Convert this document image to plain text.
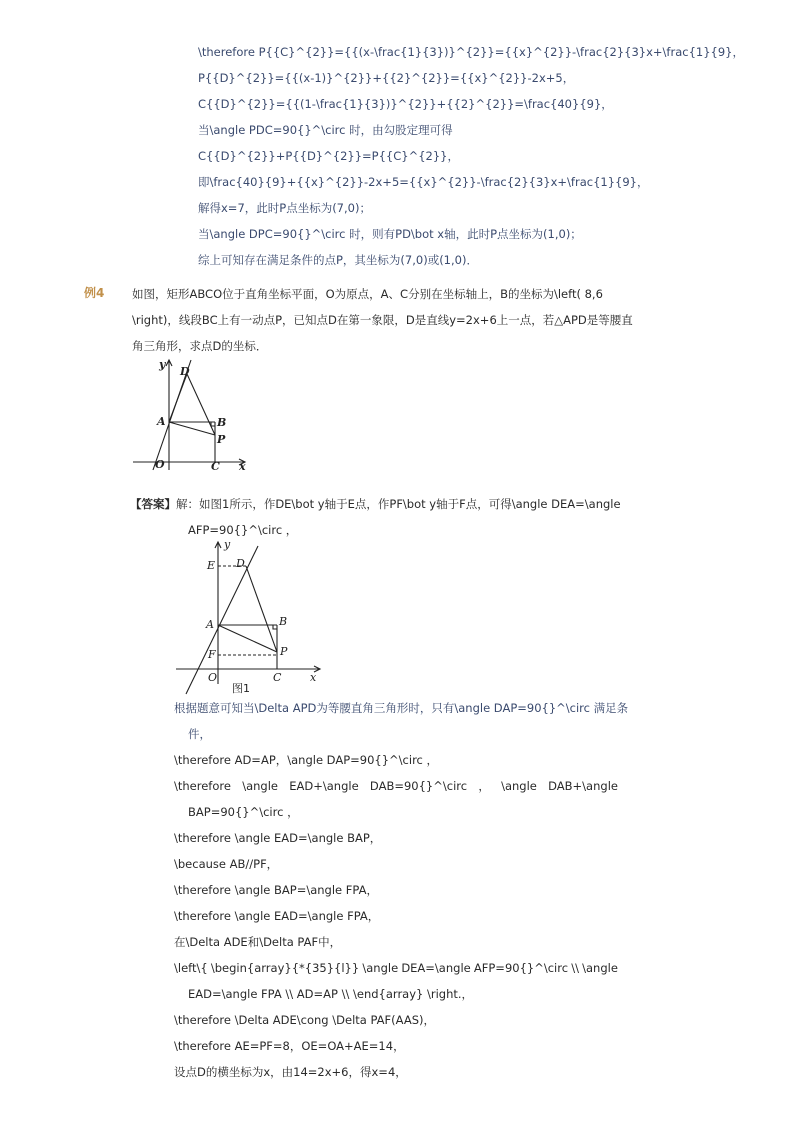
\therefore P{{C}^{2}}={{(x-\frac{1}{3})}^{2}}={{x}^{2}}-\frac{2}{3}x+\frac{1}{9}，
P{{D}^{2}}={{(x-1)}^{2}}+{{2}^{2}}={{x}^{2}}-2x+5，
C{{D}^{2}}={{(1-\frac{1}{3})}^{2}}+{{2}^{2}}=\frac{40}{9}，
当\angle PDC=90{}^\circ 时，由勾股定理可得
C{{D}^{2}}+P{{D}^{2}}=P{{C}^{2}}，
即\frac{40}{9}+{{x}^{2}}-2x+5={{x}^{2}}-\frac{2}{3}x+\frac{1}{9}，
解得x=7，此时P点坐标为(7,0)；
当\angle DPC=90{}^\circ 时，则有PD\bot x轴，此时P点坐标为(1,0)；
综上可知存在满足条件的点P，其坐标为(7,0)或(1,0)．
例4 如图，矩形ABCO位于直角坐标平面，O为原点，A、C分别在坐标轴上，B的坐标为\left( 8,6
\right)，线段BC上有一动点P，已知点D在第一象限，D是直线y=2x+6上一点，若△APD是等腰直
角三角形，求点D的坐标．
y
D
A	B
P
O	C x
【答案】解：如图1所示，作DE\bot y轴于E点，作PF\bot y轴于F点，可得\angle DEA=\angle
AFP=90{}^\circ ，
y
E D
A	B
F	P
O	C	x
图1
根据题意可知当\Delta APD为等腰直角三角形时，只有\angle DAP=90{}^\circ 满足条
件，
\therefore AD=AP，\angle DAP=90{}^\circ ，
\therefore \angle EAD+\angle DAB=90{}^\circ ， \angle DAB+\angle
BAP=90{}^\circ ，
\therefore \angle EAD=\angle BAP，
\because AB//PF，
\therefore \angle BAP=\angle FPA，
\therefore \angle EAD=\angle FPA，
在\Delta ADE和\Delta PAF中，
\left\{ \begin{array}{*{35}{l}} \angle DEA=\angle AFP=90{}^\circ \\ \angle
EAD=\angle FPA \\ AD=AP \\ \end{array} \right.，
\therefore \Delta ADE\cong \Delta PAF(AAS)，
\therefore AE=PF=8，OE=OA+AE=14，
设点D的横坐标为x，由14=2x+6，得x=4，
